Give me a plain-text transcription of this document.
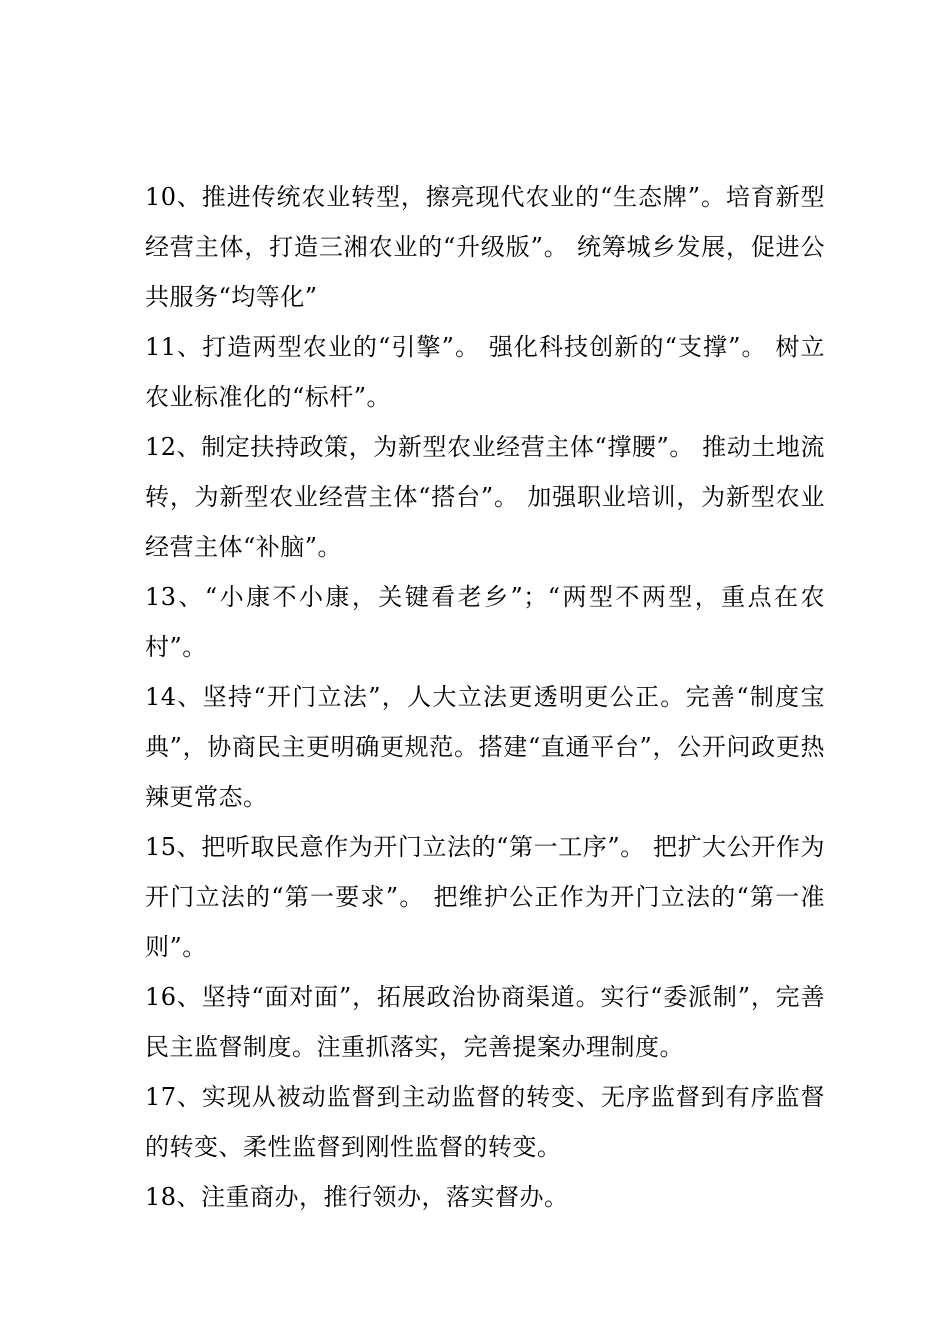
10、推进传统农业转型，擦亮现代农业的“生态牌”。培育新型经营主体，打造三湘农业的“升级版”。 统筹城乡发展，促进公共服务“均等化”

11、打造两型农业的“引擎”。 强化科技创新的“支撑”。 树立农业标准化的“标杆”。

12、制定扶持政策，为新型农业经营主体“撑腰”。 推动土地流转，为新型农业经营主体“搭台”。 加强职业培训，为新型农业经营主体“补脑”。

13、“小康不小康，关键看老乡”；“两型不两型，重点在农村”。

14、坚持“开门立法”，人大立法更透明更公正。完善“制度宝典”，协商民主更明确更规范。搭建“直通平台”，公开问政更热辣更常态。

15、把听取民意作为开门立法的“第一工序”。 把扩大公开作为开门立法的“第一要求”。 把维护公正作为开门立法的“第一准则”。

16、坚持“面对面”，拓展政治协商渠道。实行“委派制”，完善民主监督制度。注重抓落实，完善提案办理制度。

17、实现从被动监督到主动监督的转变、无序监督到有序监督的转变、柔性监督到刚性监督的转变。

18、注重商办，推行领办，落实督办。
